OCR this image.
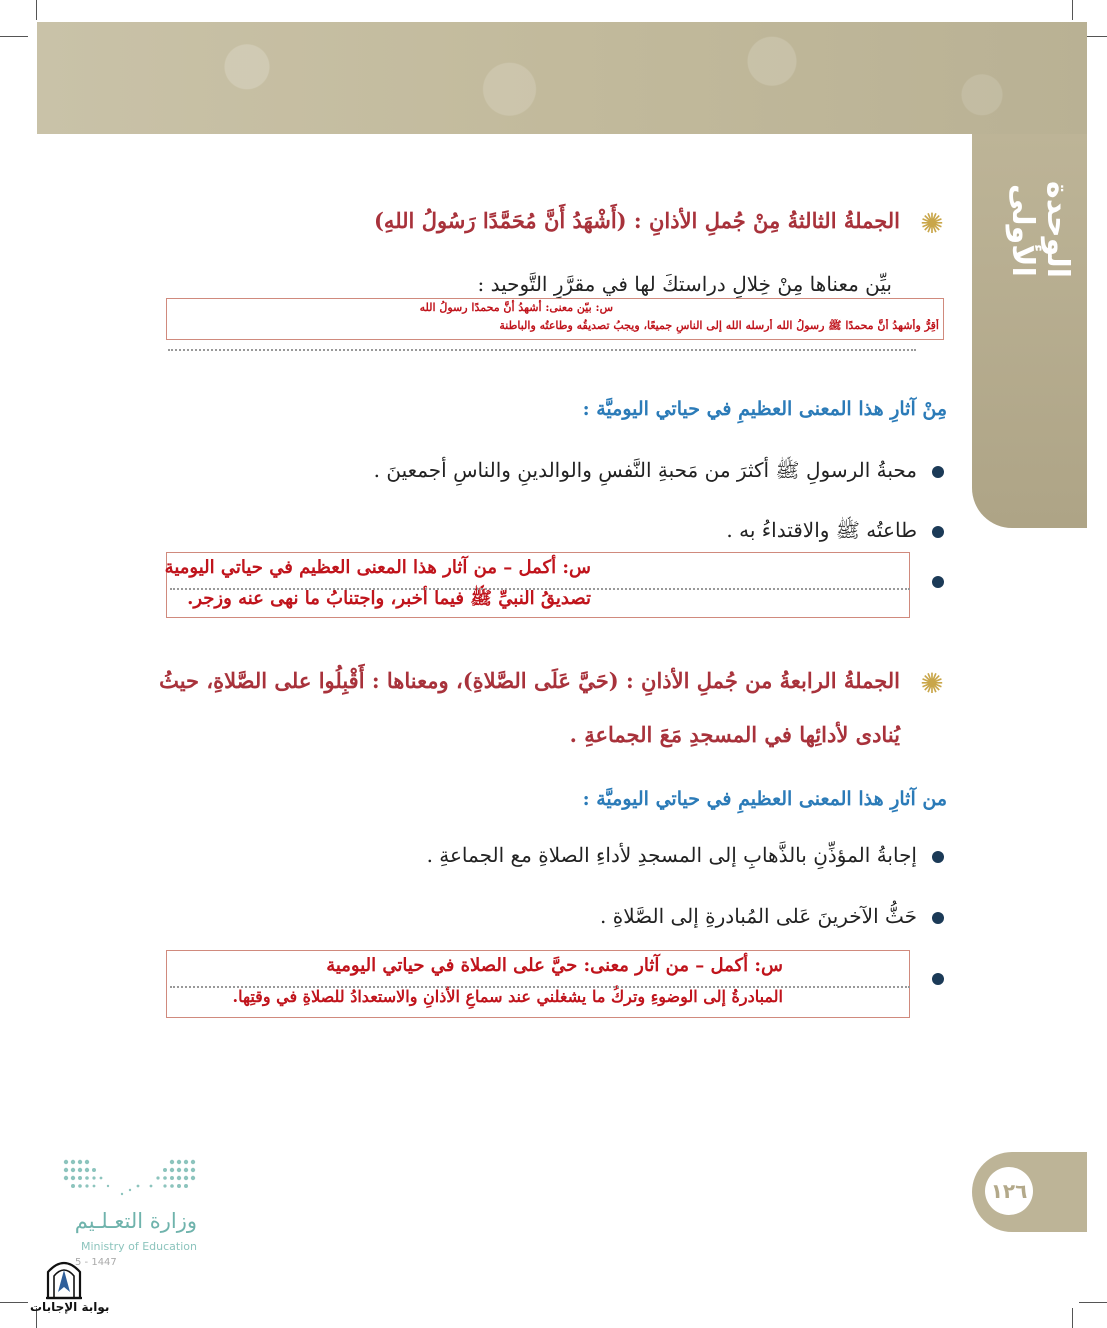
الوحدة الأولى
✺
الجملةُ الثالثةُ مِنْ جُملِ الأذانِ : (أَشْهَدُ أَنَّ مُحَمَّدًا رَسُولُ اللهِ)
بيِّن معناها مِنْ خِلالِ دراستكَ لها في مقرَّرِ التَّوحيد :
س: بيّن معنى: أشهدُ أنَّ محمدًا رسولُ الله
أقِرُّ وأشهدُ أنَّ محمدًا ﷺ رسولُ الله أرسله الله إلى الناسِ جميعًا، ويجبُ تصديقُه وطاعتُه والباطنة
مِنْ آثارِ هذا المعنى العظيمِ في حياتي اليوميَّة :
محبةُ الرسولِ ﷺ أكثرَ من مَحبةِ النَّفسِ والوالدينِ والناسِ أجمعينَ .
طاعتُه ﷺ والاقتداءُ به .
س: أكمل – من آثار هذا المعنى العظيم في حياتي اليومية
تصديقُ النبيِّ ﷺ فيما أخبر، واجتنابُ ما نهى عنه وزجر.
✺
الجملةُ الرابعةُ من جُملِ الأذانِ : (حَيَّ عَلَى الصَّلاةِ)، ومعناها : أَقْبِلُوا على الصَّلاةِ، حيثُ
يُنادى لأدائِها في المسجدِ مَعَ الجماعةِ .
من آثارِ هذا المعنى العظيمِ في حياتي اليوميَّة :
إجابةُ المؤذِّنِ بالذَّهابِ إلى المسجدِ لأداءِ الصلاةِ مع الجماعةِ .
حَثُّ الآخرينَ عَلى المُبادرةِ إلى الصَّلاةِ .
س: أكمل – من آثار معنى: حيَّ على الصلاة في حياتي اليومية
المبادرةُ إلى الوضوءِ وتركُ ما يشغلني عند سماعِ الأذانِ والاستعدادُ للصلاةِ في وقتِها.
١٢٦
وزارة التعـلـيم
Ministry of Education
5 - 1447
بوابة الإجابات
